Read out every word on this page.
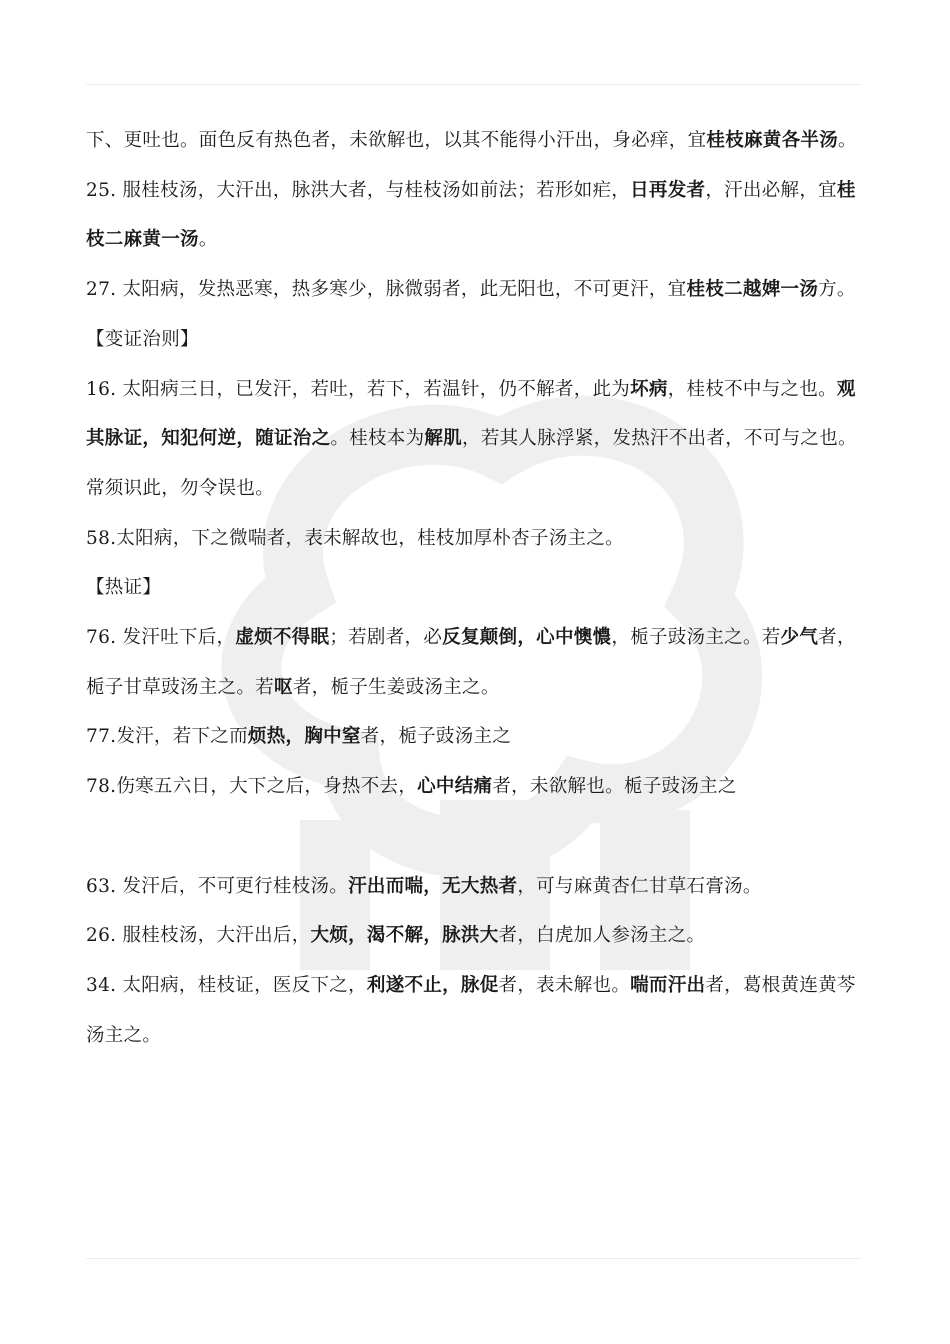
下、更吐也。面色反有热色者，未欲解也，以其不能得小汗出，身必痒，宜桂枝麻黄各半汤。

25. 服桂枝汤，大汗出，脉洪大者，与桂枝汤如前法；若形如疟，日再发者，汗出必解，宜桂枝二麻黄一汤。

27. 太阳病，发热恶寒，热多寒少，脉微弱者，此无阳也，不可更汗，宜桂枝二越婢一汤方。

【变证治则】

16. 太阳病三日，已发汗，若吐，若下，若温针，仍不解者，此为坏病，桂枝不中与之也。观其脉证，知犯何逆，随证治之。桂枝本为解肌，若其人脉浮紧，发热汗不出者，不可与之也。常须识此，勿令误也。

58.太阳病，下之微喘者，表未解故也，桂枝加厚朴杏子汤主之。

【热证】

76. 发汗吐下后，虚烦不得眠；若剧者，必反复颠倒，心中懊憹，栀子豉汤主之。若少气者，栀子甘草豉汤主之。若呕者，栀子生姜豉汤主之。

77.发汗，若下之而烦热，胸中窒者，栀子豉汤主之

78.伤寒五六日，大下之后，身热不去，心中结痛者，未欲解也。栀子豉汤主之

63. 发汗后，不可更行桂枝汤。汗出而喘，无大热者，可与麻黄杏仁甘草石膏汤。

26. 服桂枝汤，大汗出后，大烦，渴不解，脉洪大者，白虎加人参汤主之。

34. 太阳病，桂枝证，医反下之，利遂不止，脉促者，表未解也。喘而汗出者，葛根黄连黄芩汤主之。
